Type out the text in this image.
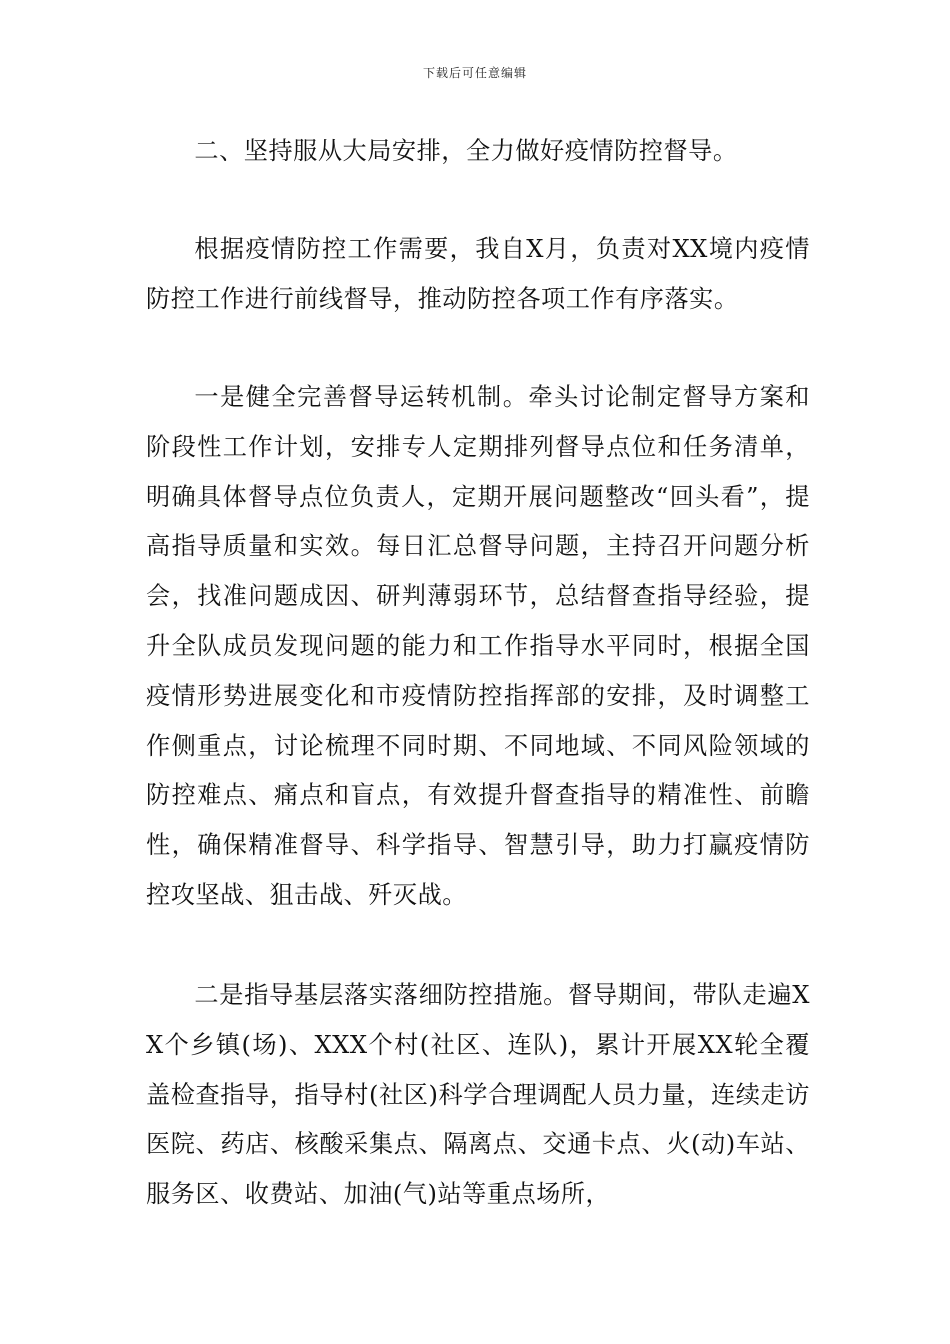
下载后可任意编辑

二、坚持服从大局安排，全力做好疫情防控督导。

根据疫情防控工作需要，我自X月，负责对XX境内疫情防控工作进行前线督导，推动防控各项工作有序落实。

一是健全完善督导运转机制。牵头讨论制定督导方案和阶段性工作计划，安排专人定期排列督导点位和任务清单，明确具体督导点位负责人，定期开展问题整改“回头看”，提高指导质量和实效。每日汇总督导问题，主持召开问题分析会，找准问题成因、研判薄弱环节，总结督查指导经验，提升全队成员发现问题的能力和工作指导水平同时，根据全国疫情形势进展变化和市疫情防控指挥部的安排，及时调整工作侧重点，讨论梳理不同时期、不同地域、不同风险领域的防控难点、痛点和盲点，有效提升督查指导的精准性、前瞻性，确保精准督导、科学指导、智慧引导，助力打赢疫情防控攻坚战、狙击战、歼灭战。

二是指导基层落实落细防控措施。督导期间，带队走遍XX个乡镇(场)、XXX个村(社区、连队)，累计开展XX轮全覆盖检查指导，指导村(社区)科学合理调配人员力量，连续走访医院、药店、核酸采集点、隔离点、交通卡点、火(动)车站、服务区、收费站、加油(气)站等重点场所，
